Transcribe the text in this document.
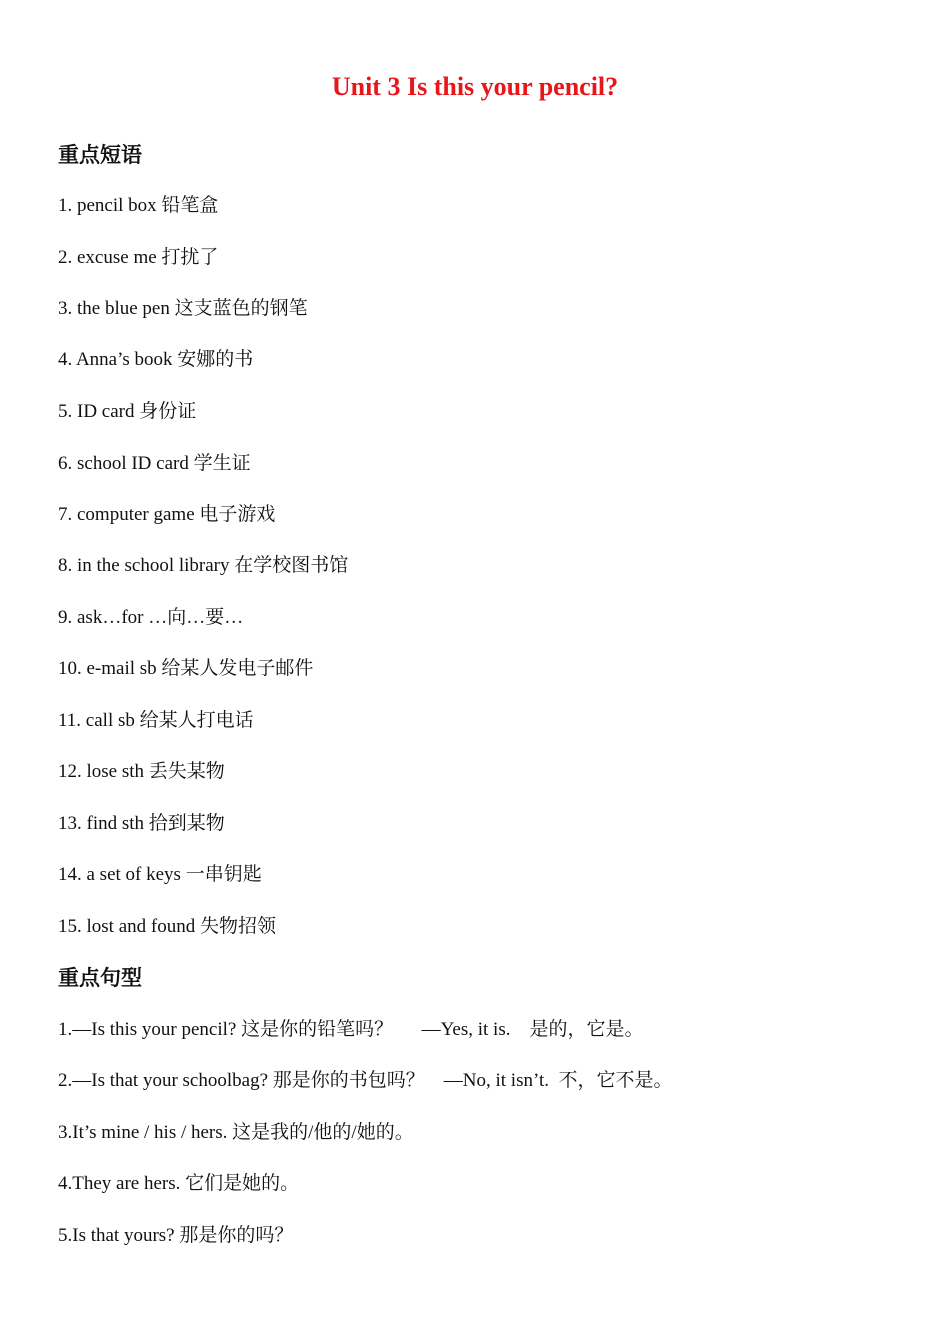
Unit 3 Is this your pencil?
重点短语
1. pencil box 铅笔盒
2. excuse me 打扰了
3. the blue pen 这支蓝色的钢笔
4. Anna’s book 安娜的书
5. ID card 身份证
6. school ID card 学生证
7. computer game 电子游戏
8. in the school library 在学校图书馆
9. ask…for …向…要…
10. e-mail sb 给某人发电子邮件
11. call sb 给某人打电话
12. lose sth 丢失某物
13. find sth 拾到某物
14. a set of keys 一串钥匙
15. lost and found 失物招领
重点句型
1.—Is this your pencil? 这是你的铅笔吗？      —Yes, it is.    是的，它是。
2.—Is that your schoolbag? 那是你的书包吗？    —No, it isn’t.  不，它不是。
3.It’s mine / his / hers. 这是我的/他的/她的。
4.They are hers. 它们是她的。
5.Is that yours? 那是你的吗？
